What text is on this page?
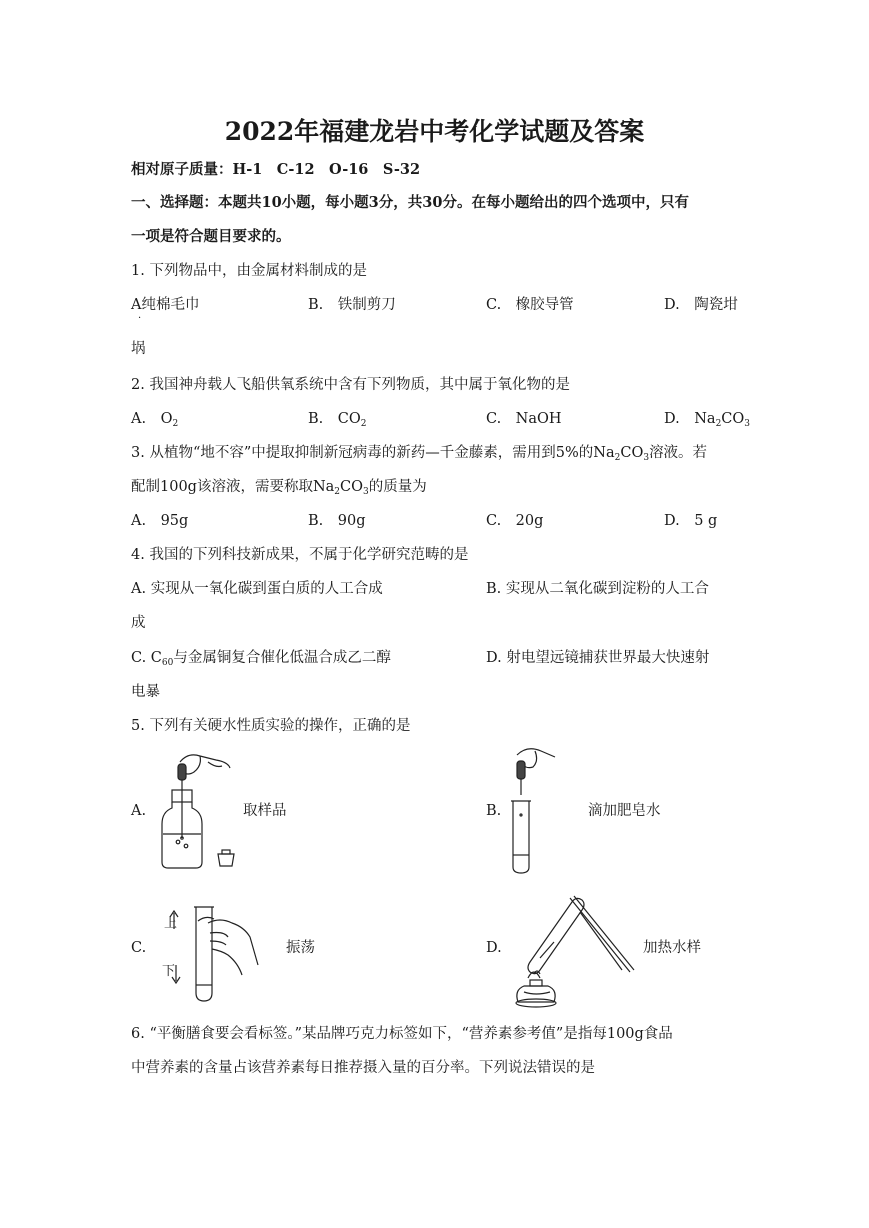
2022年福建龙岩中考化学试题及答案
相对原子质量：H-1　C-12　O-16　S-32
一、选择题：本题共10小题，每小题3分，共30分。在每小题给出的四个选项中，只有
一项是符合题目要求的。
1. 下列物品中，由金属材料制成的是
A纯棉毛巾
·
B.　铁制剪刀	C.　橡胶导管	D.　陶瓷坩
埚
2. 我国神舟载人飞船供氧系统中含有下列物质，其中属于氧化物的是
A.　$O_2$	B.　$CO_2$	C.　NaOH	D.　$Na_2CO_3$
3. 从植物“地不容”中提取抑制新冠病毒的新药—千金藤素，需用到5%的$Na_2CO_3$溶液。若
配制100g该溶液，需要称取$Na_2CO_3$的质量为
A.　95g	B.　90g	C.　20g	D.　5 g
4. 我国的下列科技新成果，不属于化学研究范畴的是
A. 实现从一氧化碳到蛋白质的人工合成	B. 实现从二氧化碳到淀粉的人工合
成
C. $C_{60}$与金属铜复合催化低温合成乙二醇	D. 射电望远镜捕获世界最大快速射
电暴
5. 下列有关硬水性质实验的操作，正确的是
A.	取样品	B.	滴加肥皂水
C.
上
下
振荡	D.	加热水样
6. “平衡膳食要会看标签。”某品牌巧克力标签如下，“营养素参考值”是指每100g食品
中营养素的含量占该营养素每日推荐摄入量的百分率。下列说法错误的是
